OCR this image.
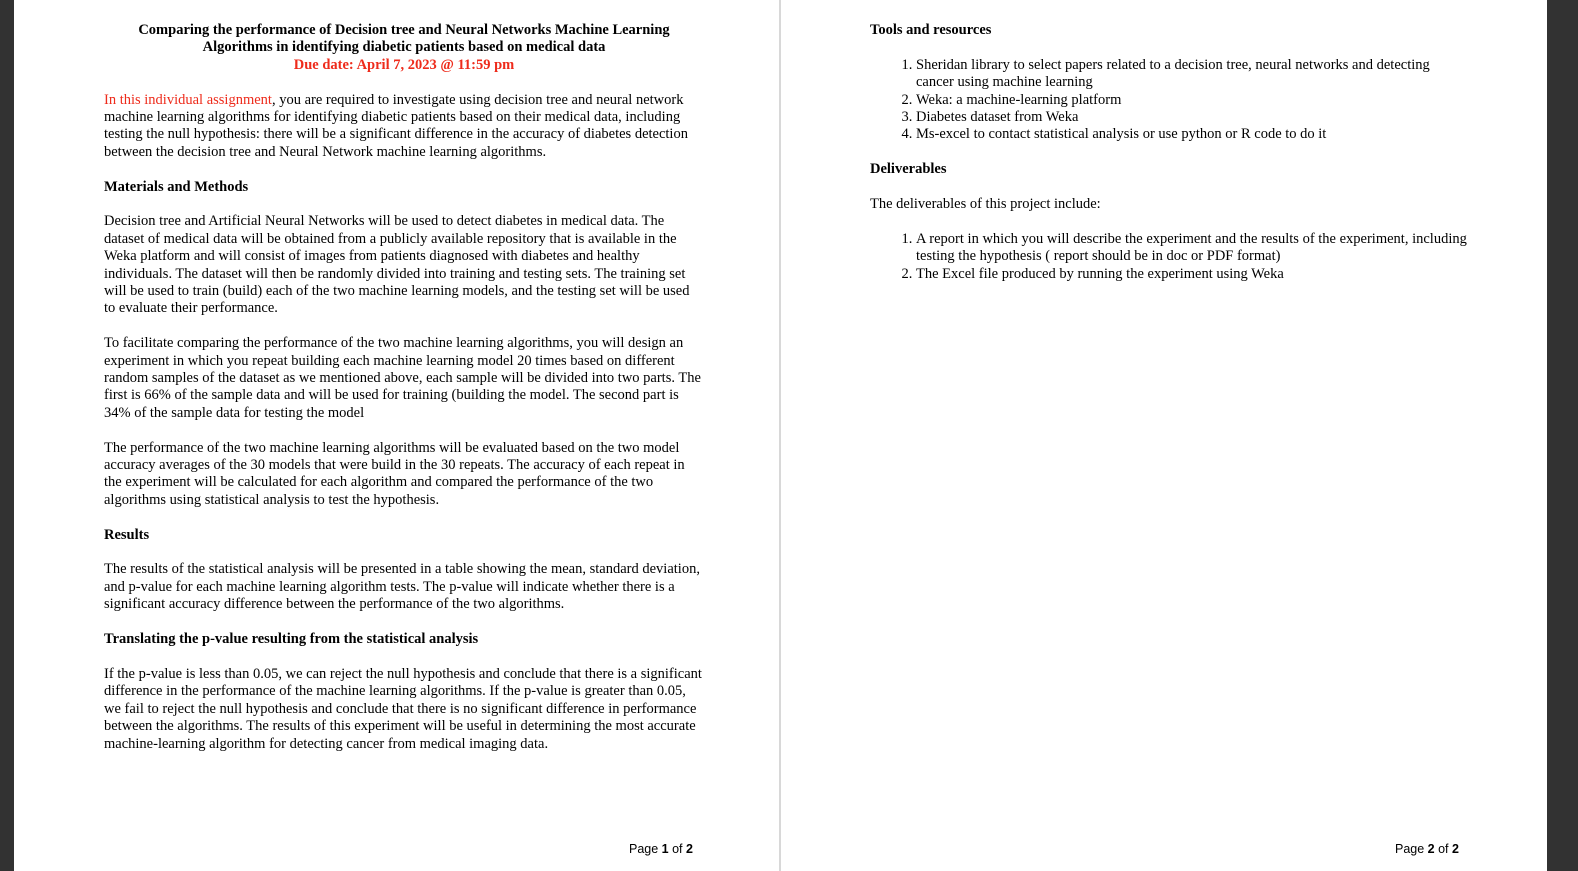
Comparing the performance of Decision tree and Neural Networks Machine Learning

Algorithms in identifying diabetic patients based on medical data

Due date: April 7, 2023 @ 11:59 pm

In this individual assignment, you are required to investigate using decision tree and neural network machine learning algorithms for identifying diabetic patients based on their medical data, including testing the null hypothesis: there will be a significant difference in the accuracy of diabetes detection between the decision tree and Neural Network machine learning algorithms.

Materials and Methods

Decision tree and Artificial Neural Networks will be used to detect diabetes in medical data. The dataset of medical data will be obtained from a publicly available repository that is available in the Weka platform and will consist of images from patients diagnosed with diabetes and healthy individuals. The dataset will then be randomly divided into training and testing sets. The training set will be used to train (build) each of the two machine learning models, and the testing set will be used to evaluate their performance.

To facilitate comparing the performance of the two machine learning algorithms, you will design an experiment in which you repeat building each machine learning model 20 times based on different random samples of the dataset as we mentioned above, each sample will be divided into two parts. The first is 66% of the sample data and will be used for training (building the model. The second part is 34% of the sample data for testing the model

The performance of the two machine learning algorithms will be evaluated based on the two model accuracy averages of the 30 models that were build in the 30 repeats. The accuracy of each repeat in the experiment will be calculated for each algorithm and compared the performance of the two algorithms using statistical analysis to test the hypothesis.

Results

The results of the statistical analysis will be presented in a table showing the mean, standard deviation, and p-value for each machine learning algorithm tests. The p-value will indicate whether there is a significant accuracy difference between the performance of the two algorithms.

Translating the p-value resulting from the statistical analysis

If the p-value is less than 0.05, we can reject the null hypothesis and conclude that there is a significant difference in the performance of the machine learning algorithms. If the p-value is greater than 0.05, we fail to reject the null hypothesis and conclude that there is no significant difference in performance between the algorithms. The results of this experiment will be useful in determining the most accurate machine-learning algorithm for detecting cancer from medical imaging data.

Page 1 of 2
Tools and resources
1. Sheridan library to select papers related to a decision tree, neural networks and detecting cancer using machine learning
2. Weka: a machine-learning platform
3. Diabetes dataset from Weka
4. Ms-excel to contact statistical analysis or use python or R code to do it
Deliverables

The deliverables of this project include:

1. A report in which you will describe the experiment and the results of the experiment, including testing the hypothesis ( report should be in doc or PDF format)
2. The Excel file produced by running the experiment using Weka
Page 2 of 2
